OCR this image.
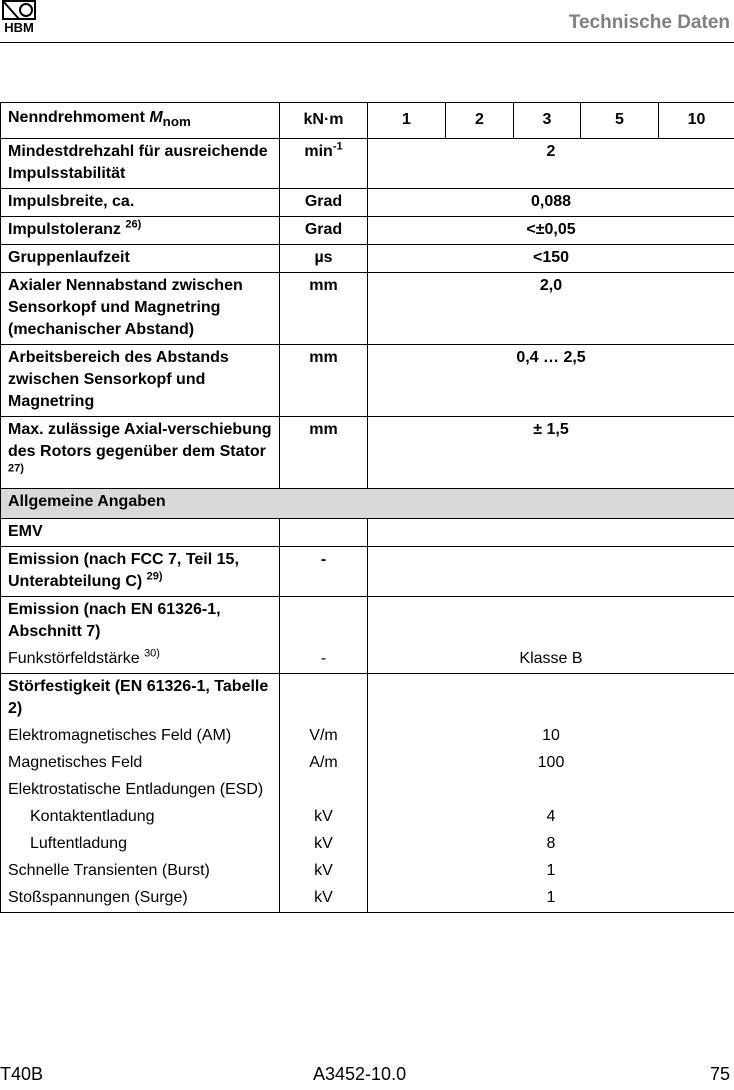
HBM	Technische Daten
Nenndrehmoment $M_{nom}$	kN·m	1	2	3	5	10
Mindestdrehzahl für ausreichende Impulsstabilität	$\min^{-1}$	2				
Impulsbreite, ca.	Grad	0,088				
Impulstoleranz $^{26)}$	Grad	<±0,05				
Gruppenlaufzeit	µs	<150				
Axialer Nennabstand zwischen Sensorkopf und Magnetring (mechanischer Abstand)	mm	2,0				
Arbeitsbereich des Abstands zwischen Sensorkopf und Magnetring	mm	0,4 … 2,5				
Max. zulässige Axial-verschiebung des Rotors gegenüber dem Stator $^{27)}$	mm	± 1,5				
Allgemeine Angaben						
EMV						
Emission (nach FCC 7, Teil 15, Unterabteilung C) $^{29)}$	-					
Emission (nach EN 61326-1, Abschnitt 7)						
Funkstörfeldstärke $^{30)}$	-	Klasse B				
Störfestigkeit (EN 61326-1, Tabelle 2)						
Elektromagnetisches Feld (AM)	V/m	10				
Magnetisches Feld	A/m	100				
Elektrostatische Entladungen (ESD)						
Kontaktentladung	kV	4				
Luftentladung	kV	8				
Schnelle Transienten (Burst)	kV	1				
Stoßspannungen (Surge)	kV	1				
T40B	A3452-10.0	75
